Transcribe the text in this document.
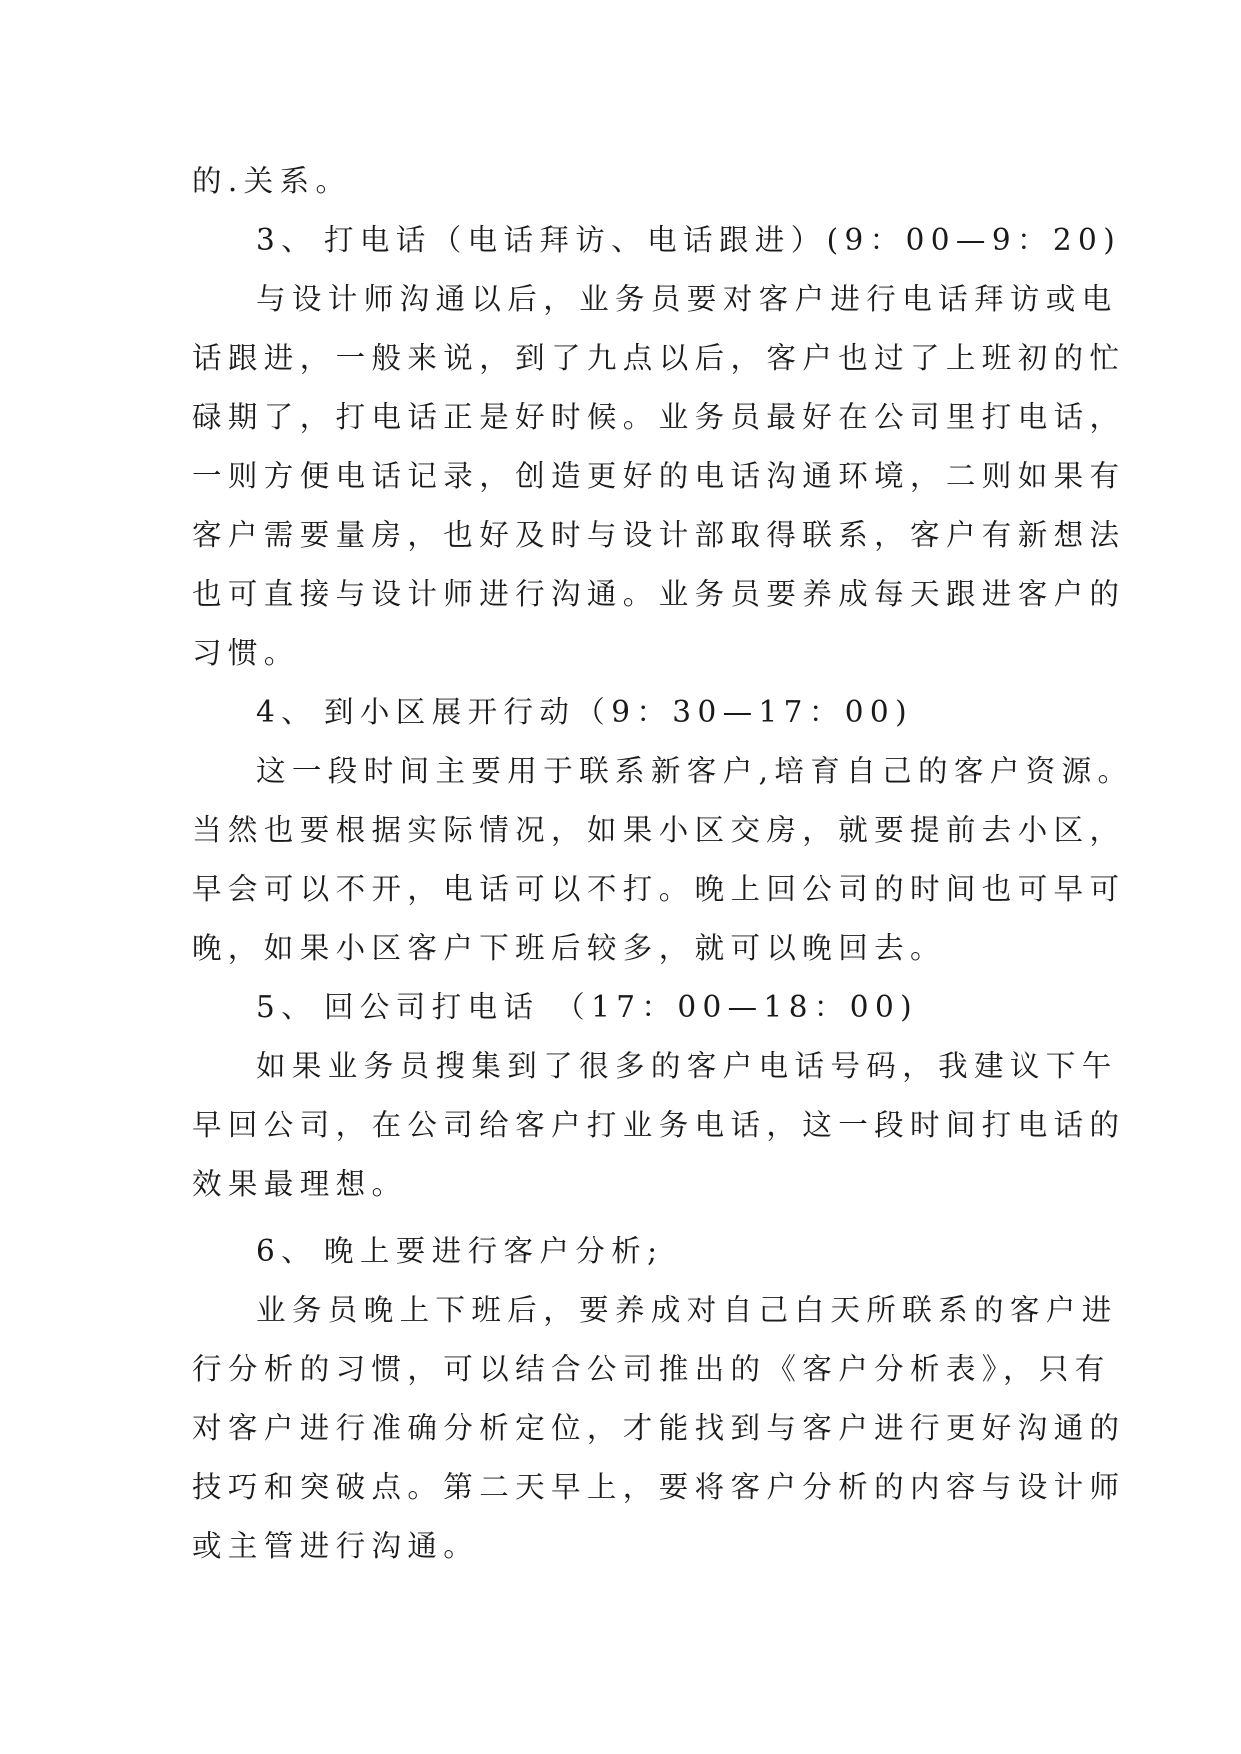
的.关系。

3、 打电话（电话拜访、电话跟进）(9：00—9：20)

与设计师沟通以后，业务员要对客户进行电话拜访或电

话跟进，一般来说，到了九点以后，客户也过了上班初的忙

碌期了，打电话正是好时候。业务员最好在公司里打电话，

一则方便电话记录，创造更好的电话沟通环境，二则如果有

客户需要量房，也好及时与设计部取得联系，客户有新想法

也可直接与设计师进行沟通。业务员要养成每天跟进客户的

习惯。

4、 到小区展开行动（9：30—17：00)

这一段时间主要用于联系新客户,培育自己的客户资源。

当然也要根据实际情况，如果小区交房，就要提前去小区，

早会可以不开，电话可以不打。晚上回公司的时间也可早可

晚，如果小区客户下班后较多，就可以晚回去。

5、 回公司打电话 （17：00—18：00)

如果业务员搜集到了很多的客户电话号码，我建议下午

早回公司，在公司给客户打业务电话，这一段时间打电话的

效果最理想。

6、 晚上要进行客户分析;

业务员晚上下班后，要养成对自己白天所联系的客户进

行分析的习惯，可以结合公司推出的《客户分析表》，只有

对客户进行准确分析定位，才能找到与客户进行更好沟通的

技巧和突破点。第二天早上，要将客户分析的内容与设计师

或主管进行沟通。
